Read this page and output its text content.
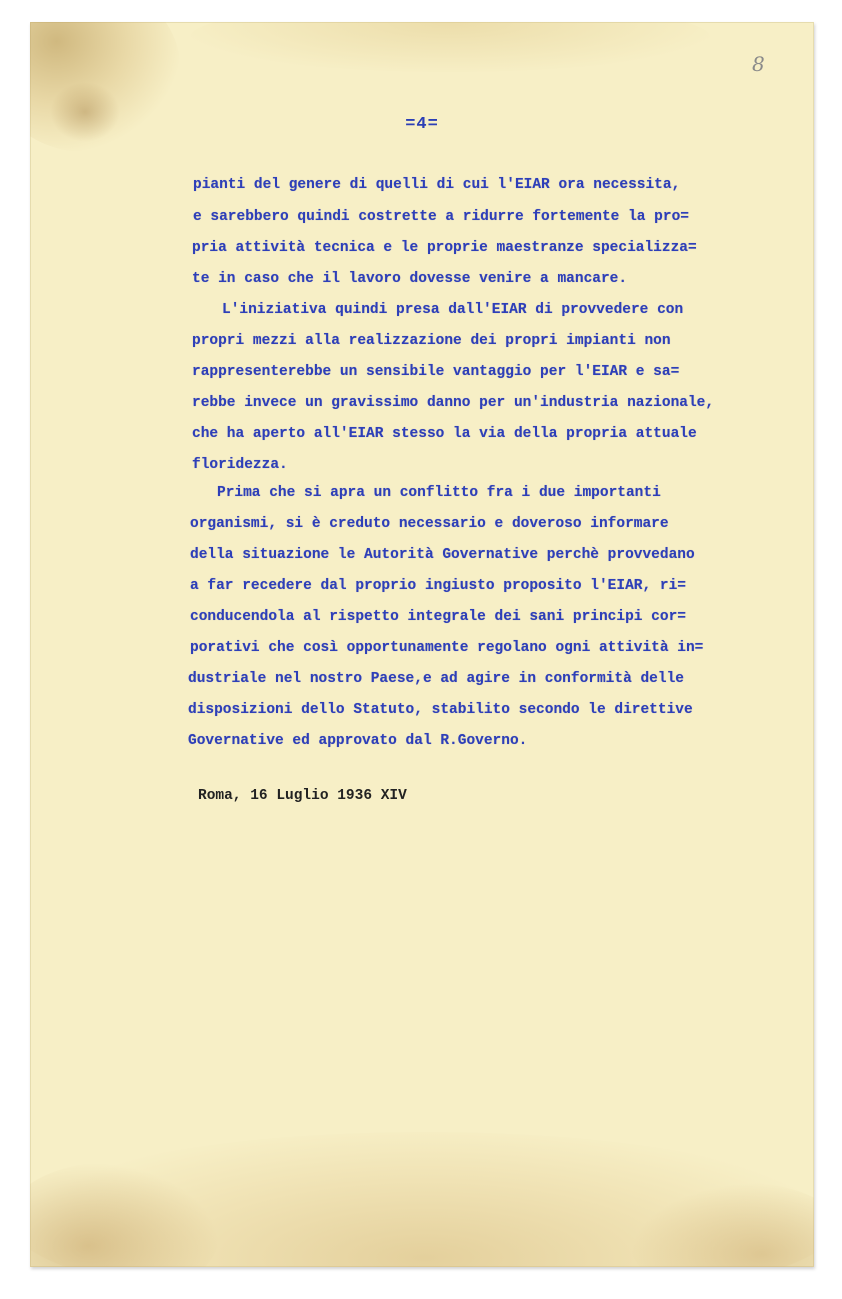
8
=4=
pianti del genere di quelli di cui l'EIAR ora necessita,
e sarebbero quindi costrette a ridurre fortemente la pro=
pria attività tecnica e le proprie maestranze specializza=
te in caso che il lavoro dovesse venire a mancare.
L'iniziativa quindi presa dall'EIAR di provvedere con
propri mezzi alla realizzazione dei propri impianti non
rappresenterebbe un sensibile vantaggio per l'EIAR e sa=
rebbe invece un gravissimo danno per un'industria nazionale,
che ha aperto all'EIAR stesso la via della propria attuale
floridezza.
Prima che si apra un conflitto fra i due importanti
organismi, si è creduto necessario e doveroso informare
della situazione le Autorità Governative perchè provvedano
a far recedere dal proprio ingiusto proposito l'EIAR, ri=
conducendola al rispetto integrale dei sani principi cor=
porativi che così opportunamente regolano ogni attività in=
dustriale nel nostro Paese,e ad agire in conformità delle
disposizioni dello Statuto, stabilito secondo le direttive
Governative ed approvato dal R.Governo.
Roma, 16 Luglio 1936 XIV
